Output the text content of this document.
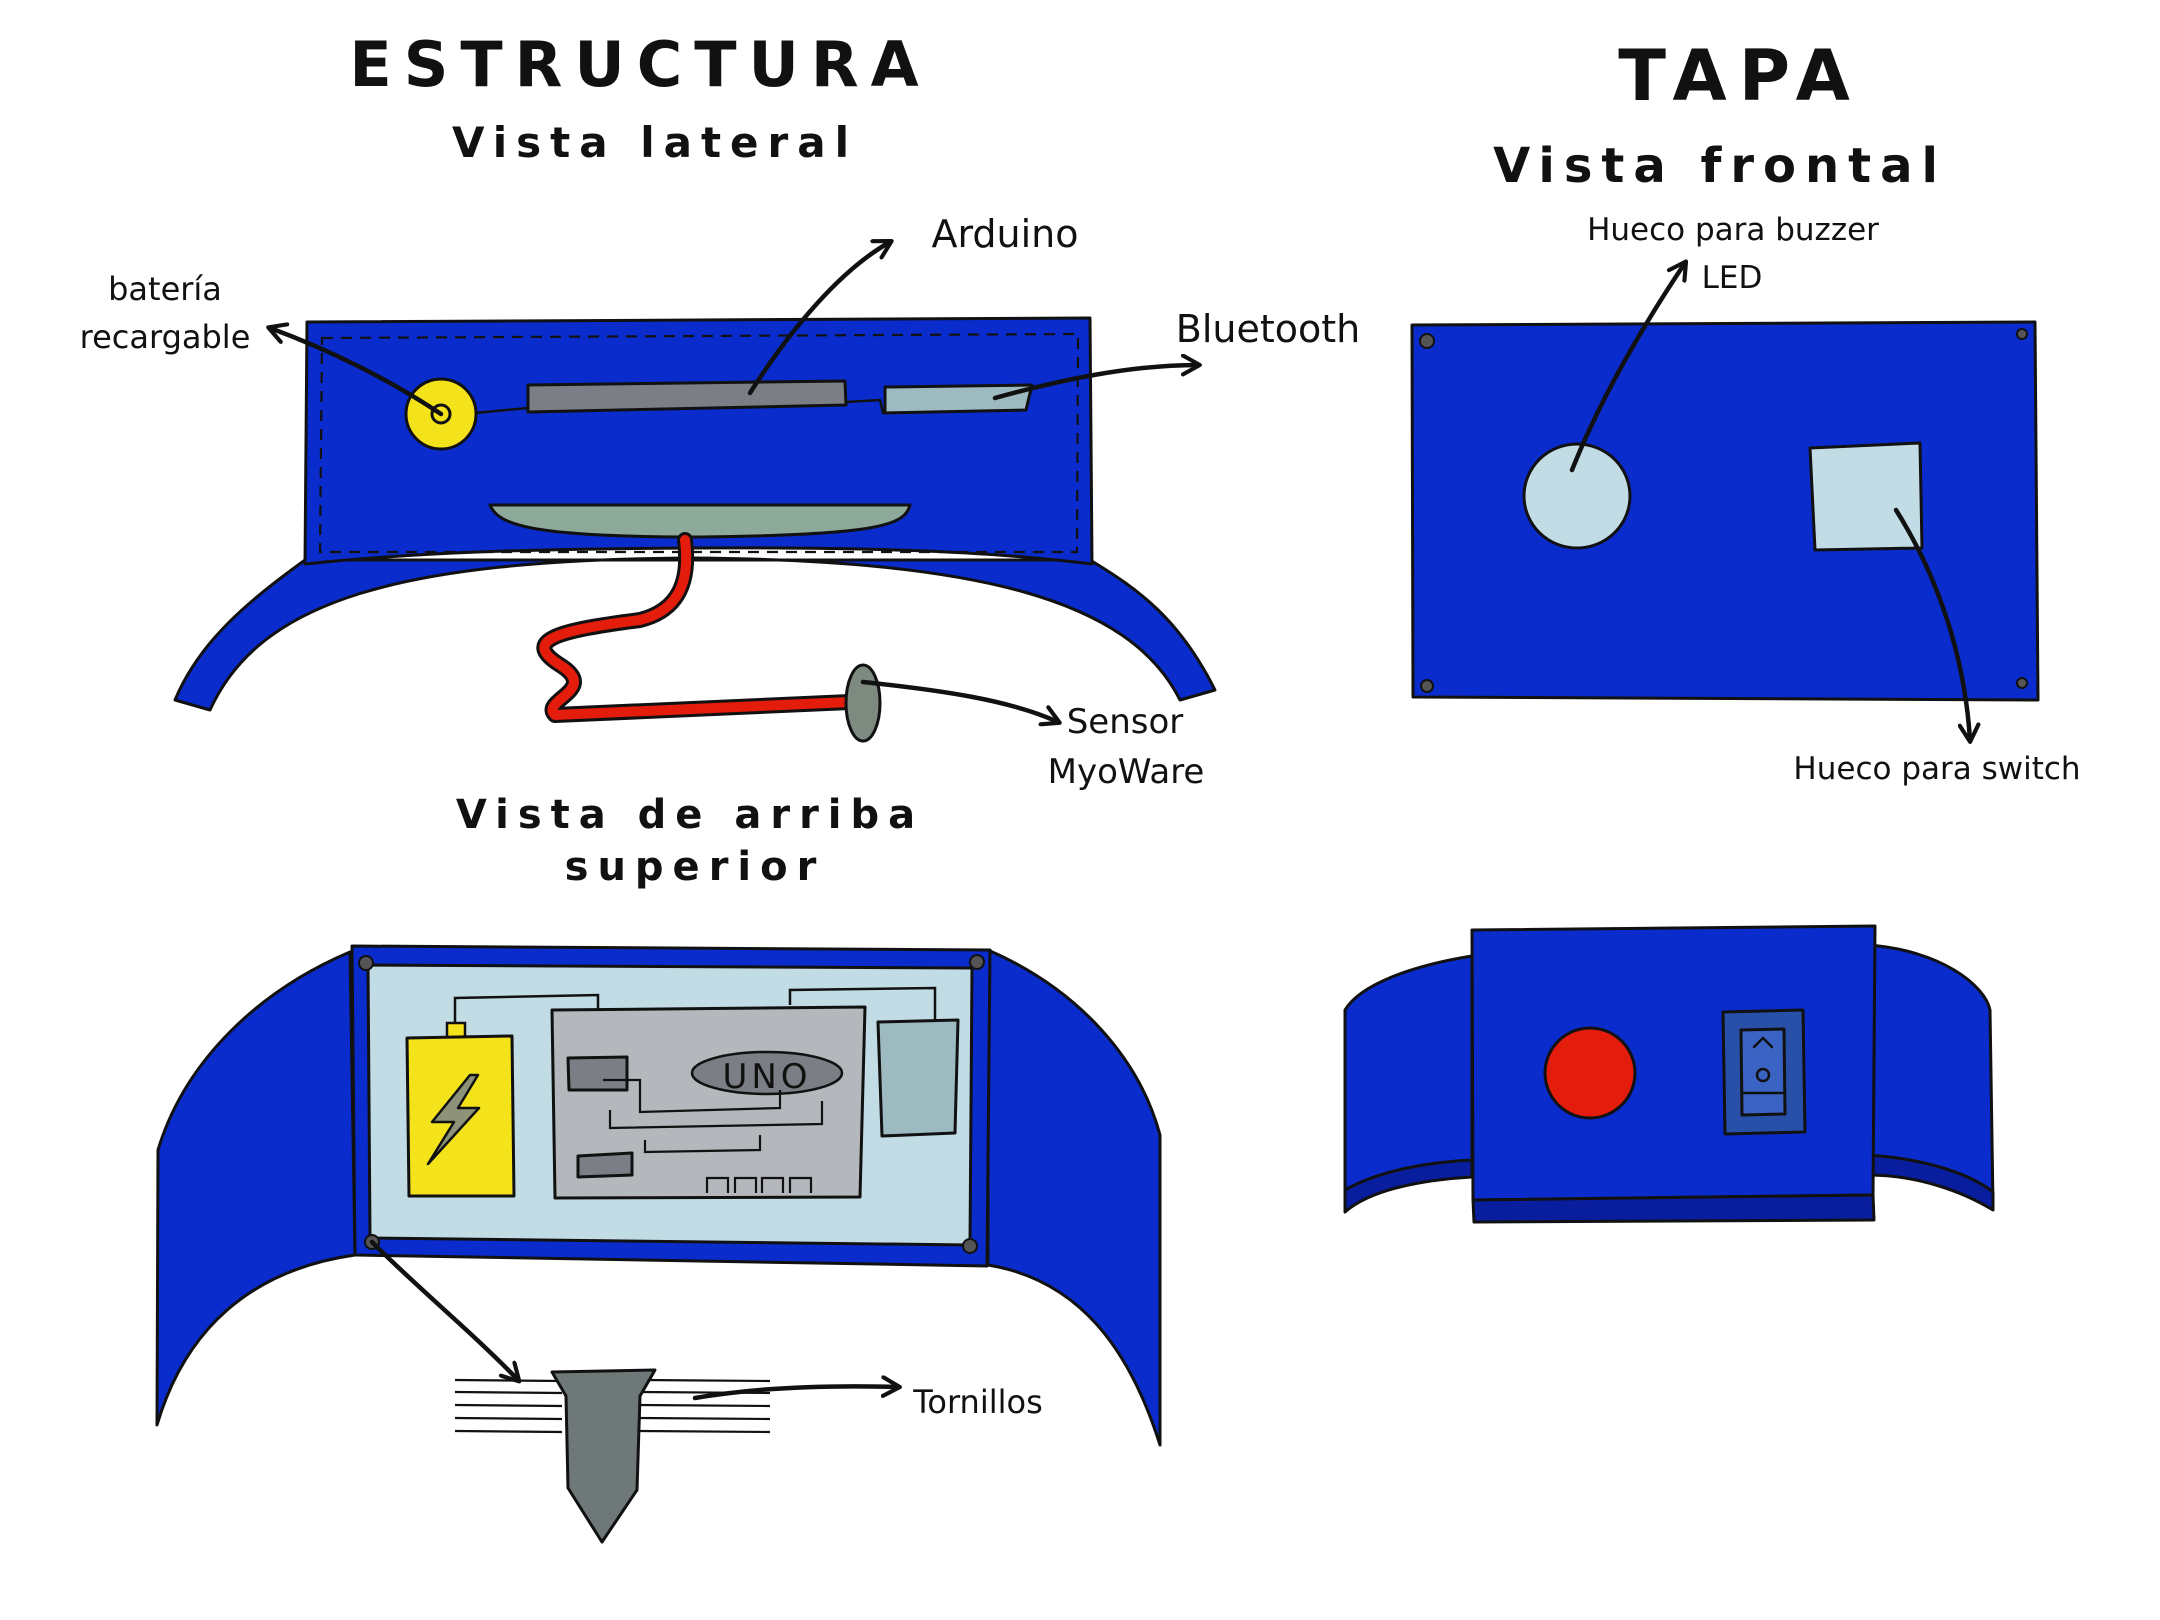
ESTRUCTURA
Vista lateral
TAPA
Vista frontal
Vista de arriba
superior
batería
recargable
Arduino
Bluetooth
Sensor
MyoWare
UNO
Tornillos
Hueco para buzzer
LED
Hueco para switch
